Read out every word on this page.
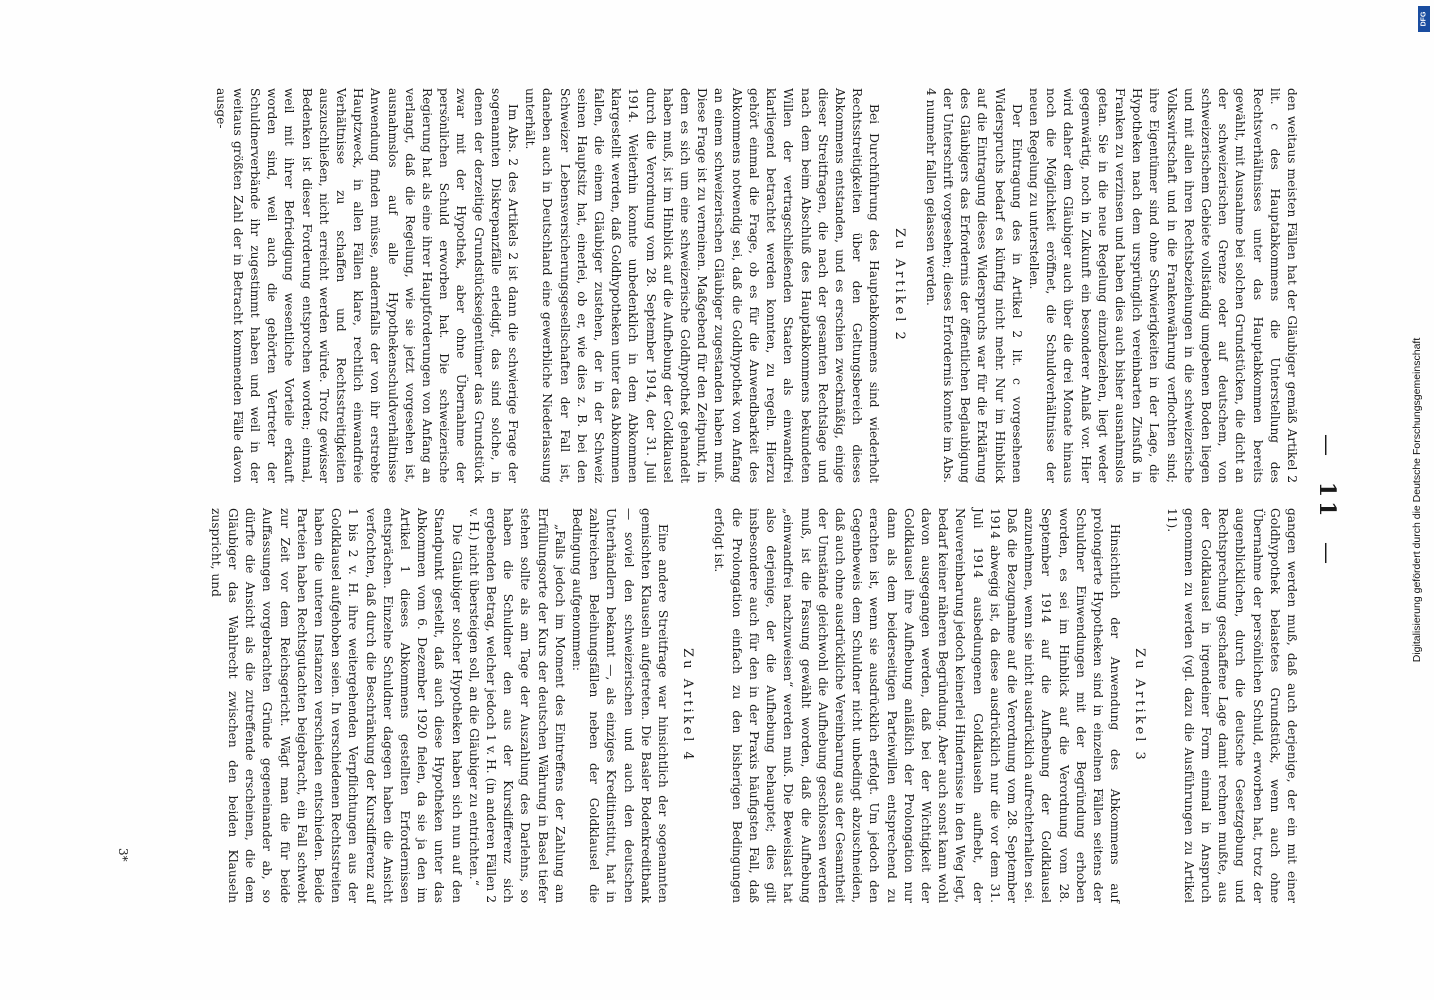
— 11 —

den weitaus meisten Fällen hat der Gläubiger gemäß Artikel 2 lit. c des Hauptabkommens die Unterstellung des Rechtsverhältnisses unter das Hauptabkommen bereits gewählt, mit Ausnahme bei solchen Grundstücken, die dicht an der schweizerischen Grenze oder auf deutschem, von schweizerischem Gebiete vollständig umgebenen Boden liegen und mit allen ihren Rechtsbeziehungen in die schweizerische Volkswirtschaft und in die Frankenwährung verflochten sind; ihre Eigentümer sind ohne Schwierigkeiten in der Lage, die Hypotheken nach dem ursprünglich vereinbarten Zinsfuß in Franken zu verzinsen und haben dies auch bisher ausnahmslos getan. Sie in die neue Regelung einzubeziehen, liegt weder gegenwärtig, noch in Zukunft ein besonderer Anlaß vor. Hier wird daher dem Gläubiger auch über die drei Monate hinaus noch die Möglichkeit eröffnet, die Schuldverhältnisse der neuen Regelung zu unterstellen.

Der Eintragung des in Artikel 2 lit. c vorgesehenen Widerspruchs bedarf es künftig nicht mehr. Nur im Hinblick auf die Eintragung dieses Widerspruchs war für die Erklärung des Gläubigers das Erfordernis der öffentlichen Beglaubigung der Unterschrift vorgesehen; dieses Erfordernis konnte im Abs. 4 nunmehr fallen gelassen werden.

Zu Artikel 2

Bei Durchführung des Hauptabkommens sind wiederholt Rechtsstreitigkeiten über den Geltungsbereich dieses Abkommens entstanden, und es erschien zweckmäßig, einige dieser Streitfragen, die nach der gesamten Rechtslage und nach dem beim Abschluß des Hauptabkommens bekundeten Willen der vertragschließenden Staaten als einwandfrei klarliegend betrachtet werden konnten, zu regeln. Hierzu gehört einmal die Frage, ob es für die Anwendbarkeit des Abkommens notwendig sei, daß die Goldhypothek von Anfang an einem schweizerischen Gläubiger zugestanden haben muß. Diese Frage ist zu verneinen. Maßgebend für den Zeitpunkt, in dem es sich um eine schweizerische Goldhypothek gehandelt haben muß, ist im Hinblick auf die Aufhebung der Goldklausel durch die Verordnung vom 28. September 1914, der 31. Juli 1914. Weiterhin konnte unbedenklich in dem Abkommen klargestellt werden, daß Goldhypotheken unter das Abkommen fallen, die einem Gläubiger zustehen, der in der Schweiz seinen Hauptsitz hat, einerlei, ob er, wie dies z. B. bei den Schweizer Lebensversicherungsgesellschaften der Fall ist, daneben auch in Deutschland eine gewerbliche Niederlassung unterhält.

Im Abs. 2 des Artikels 2 ist dann die schwierige Frage der sogenannten Diskrepanzfälle erledigt, das sind solche, in denen der derzeitige Grundstückseigentümer das Grundstück zwar mit der Hypothek, aber ohne Übernahme der persönlichen Schuld erworben hat. Die schweizerische Regierung hat als eine ihrer Hauptforderungen von Anfang an verlangt, daß die Regelung, wie sie jetzt vorgesehen ist, ausnahmslos auf alle Hypothekenschuldverhältnisse Anwendung finden müsse, andernfalls der von ihr erstrebte Hauptzweck, in allen Fällen klare, rechtlich einwandfreie Verhältnisse zu schaffen und Rechtsstreitigkeiten auszuschließen, nicht erreicht werden würde. Trotz gewisser Bedenken ist dieser Forderung entsprochen worden; einmal, weil mit ihrer Befriedigung wesentliche Vorteile erkauft worden sind, weil auch die gehörten Vertreter der Schuldnerverbände ihr zugestimmt haben und weil in der weitaus größten Zahl der in Betracht kommenden Fälle davon ausge-

gangen werden muß, daß auch derjenige, der ein mit einer Goldhypothek belastetes Grundstück, wenn auch ohne Übernahme der persönlichen Schuld, erworben hat, trotz der augenblicklichen, durch die deutsche Gesetzgebung und Rechtsprechung geschaffene Lage damit rechnen mußte, aus der Goldklausel in irgendeiner Form einmal in Anspruch genommen zu werden (vgl. dazu die Ausführungen zu Artikel 11).

Zu Artikel 3

Hinsichtlich der Anwendung des Abkommens auf prolongierte Hypotheken sind in einzelnen Fällen seitens der Schuldner Einwendungen mit der Begründung erhoben worden, es sei im Hinblick auf die Verordnung vom 28. September 1914 auf die Aufhebung der Goldklausel anzunehmen, wenn sie nicht ausdrücklich aufrechterhalten sei. Daß die Bezugnahme auf die Verordnung vom 28. September 1914 abwegig ist, da diese ausdrücklich nur die vor dem 31. Juli 1914 ausbedungenen Goldklauseln aufhebt, der Neuvereinbarung jedoch keinerlei Hindernisse in den Weg legt, bedarf keiner näheren Begründung. Aber auch sonst kann wohl davon ausgegangen werden, daß bei der Wichtigkeit der Goldklausel ihre Aufhebung anläßlich der Prolongation nur dann als dem beiderseitigen Parteiwillen entsprechend zu erachten ist, wenn sie ausdrücklich erfolgt. Um jedoch den Gegenbeweis dem Schuldner nicht unbedingt abzuschneiden, daß auch ohne ausdrückliche Vereinbarung aus der Gesamtheit der Umstände gleichwohl die Aufhebung geschlossen werden muß, ist die Fassung gewählt worden, daß die Aufhebung „einwandfrei nachzuweisen“ werden muß. Die Beweislast hat also derjenige, der die Aufhebung behauptet; dies gilt insbesondere auch für den in der Praxis häufigsten Fall, daß die Prolongation einfach zu den bisherigen Bedingungen erfolgt ist.

Zu Artikel 4

Eine andere Streitfrage war hinsichtlich der sogenannten gemischten Klauseln aufgetreten. Die Basler Bodenkreditbank — soviel den schweizerischen und auch den deutschen Unterhändlern bekannt —, als einziges Kreditinstitut, hat in zahlreichen Beleihungsfällen neben der Goldklausel die Bedingung aufgenommen:

„Falls jedoch im Moment des Eintreffens der Zahlung am Erfüllungsorte der Kurs der deutschen Währung in Basel tiefer stehen sollte als am Tage der Auszahlung des Darlehns, so haben die Schuldner den aus der Kursdifferenz sich ergebenden Betrag, welcher jedoch 1 v. H. (in anderen Fällen 2 v. H.) nicht übersteigen soll, an die Gläubiger zu entrichten.“

Die Gläubiger solcher Hypotheken haben sich nun auf den Standpunkt gestellt, daß auch diese Hypotheken unter das Abkommen vom 6. Dezember 1920 fielen, da sie ja den im Artikel 1 dieses Abkommens gestellten Erfordernissen entsprächen. Einzelne Schuldner dagegen haben die Ansicht verfochten, daß durch die Beschränkung der Kursdifferenz auf 1 bis 2 v. H. ihre weitergehenden Verpflichtungen aus der Goldklausel aufgehoben seien. In verschiedenen Rechtsstreiten haben die unteren Instanzen verschieden entschieden. Beide Parteien haben Rechtsgutachten beigebracht, ein Fall schwebt zur Zeit vor dem Reichsgericht. Wägt man die für beide Auffassungen vorgebrachten Gründe gegeneinander ab, so dürfte die Ansicht als die zutreffende erscheinen, die dem Gläubiger das Wahlrecht zwischen den beiden Klauseln zuspricht, und

3*
Digitalisierung gefördert durch die Deutsche Forschungsgemeinschaft
DFG
